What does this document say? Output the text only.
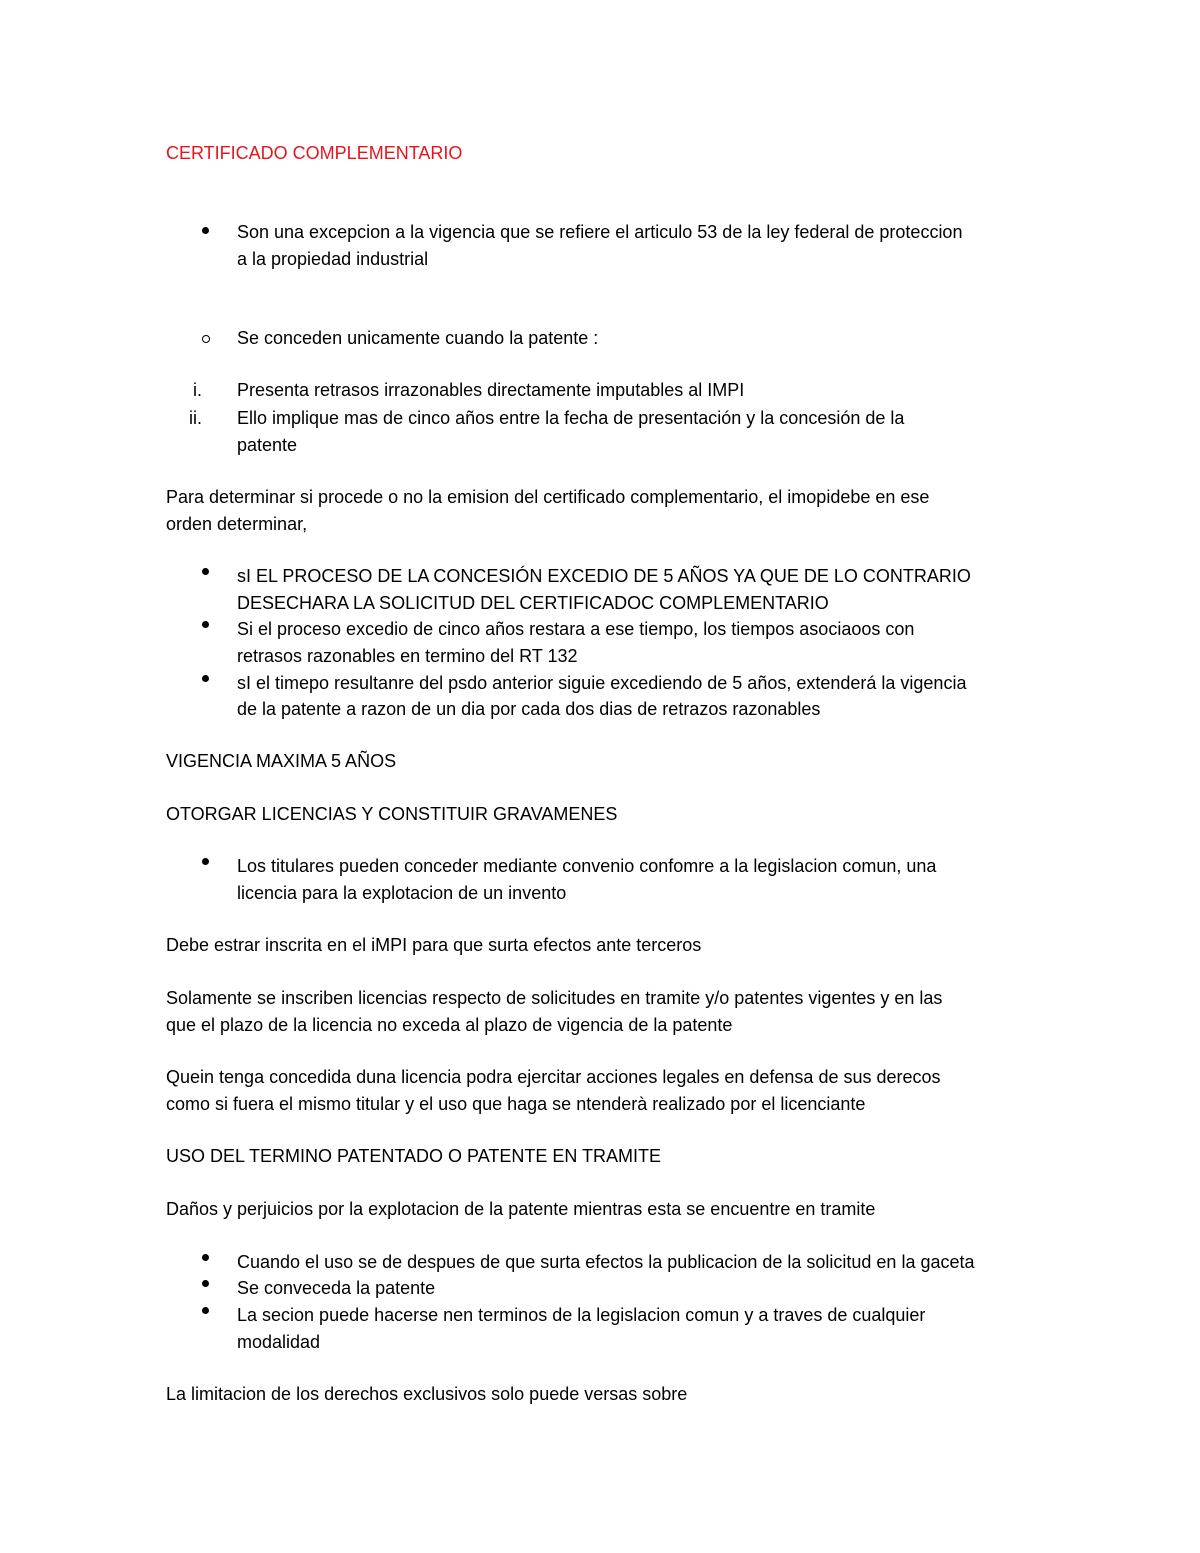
CERTIFICADO COMPLEMENTARIO
Son una excepcion a la vigencia que se refiere el articulo 53 de la ley federal de proteccion
a la propiedad industrial
Se conceden unicamente cuando la patente :
i. Presenta retrasos irrazonables directamente imputables al IMPI
ii. Ello implique mas de cinco años entre la fecha de presentación y la concesión de la
patente
Para determinar si procede o no la emision del certificado complementario, el imopidebe en ese
orden determinar,
sI EL PROCESO DE LA CONCESIÓN EXCEDIO DE 5 AÑOS YA QUE DE LO CONTRARIO
DESECHARA LA SOLICITUD DEL CERTIFICADOC COMPLEMENTARIO
Si el proceso excedio de cinco años restara a ese tiempo, los tiempos asociaoos con
retrasos razonables en termino del RT 132
sI el timepo resultanre del psdo anterior siguie excediendo de 5 años, extenderá la vigencia
de la patente a razon de un dia por cada dos dias de retrazos razonables
VIGENCIA MAXIMA 5 AÑOS
OTORGAR LICENCIAS Y CONSTITUIR GRAVAMENES
Los titulares pueden conceder mediante convenio confomre a la legislacion comun, una
licencia para la explotacion de un invento
Debe estrar inscrita en el iMPI para que surta efectos ante terceros
Solamente se inscriben licencias respecto de solicitudes en tramite y/o patentes vigentes y en las
que el plazo de la licencia no exceda al plazo de vigencia de la patente
Quein tenga concedida duna licencia podra ejercitar acciones legales en defensa de sus derecos
como si fuera el mismo titular y el uso que haga se ntenderà realizado por el licenciante
USO DEL TERMINO PATENTADO O PATENTE EN TRAMITE
Daños y perjuicios por la explotacion de la patente mientras esta se encuentre en tramite
Cuando el uso se de despues de que surta efectos la publicacion de la solicitud en la gaceta
Se conveceda la patente
La secion puede hacerse nen terminos de la legislacion comun y a traves de cualquier
modalidad
La limitacion de los derechos exclusivos solo puede versas sobre
